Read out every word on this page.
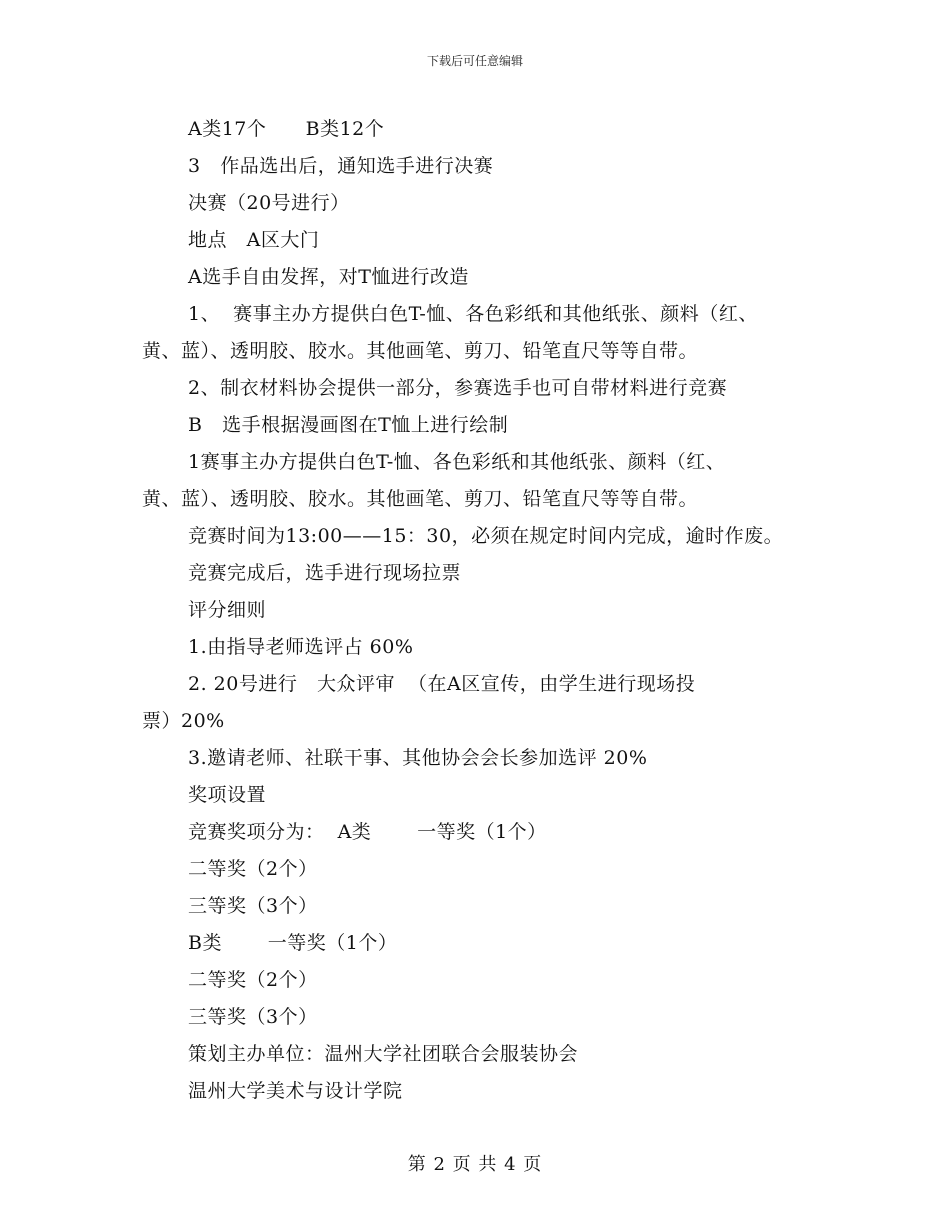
下载后可任意编辑
A类17个      B类12个
3   作品选出后，通知选手进行决赛
决赛（20号进行）
地点   A区大门
A选手自由发挥，对T恤进行改造
1、  赛事主办方提供白色T-恤、各色彩纸和其他纸张、颜料（红、
黄、蓝）、透明胶、胶水。其他画笔、剪刀、铅笔直尺等等自带。
2、制衣材料协会提供一部分，参赛选手也可自带材料进行竞赛
B   选手根据漫画图在T恤上进行绘制
1赛事主办方提供白色T-恤、各色彩纸和其他纸张、颜料（红、
黄、蓝）、透明胶、胶水。其他画笔、剪刀、铅笔直尺等等自带。
竞赛时间为13:00——15：30，必须在规定时间内完成，逾时作废。
竞赛完成后，选手进行现场拉票
评分细则
1.由指导老师选评占 60%
2. 20号进行   大众评审  （在A区宣传，由学生进行现场投
票）20%
3.邀请老师、社联干事、其他协会会长参加选评 20%
奖项设置
竞赛奖项分为：  A类       一等奖（1个）
二等奖（2个）
三等奖（3个）
B类       一等奖（1个）
二等奖（2个）
三等奖（3个）
策划主办单位：温州大学社团联合会服装协会
温州大学美术与设计学院
第 2 页 共 4 页
